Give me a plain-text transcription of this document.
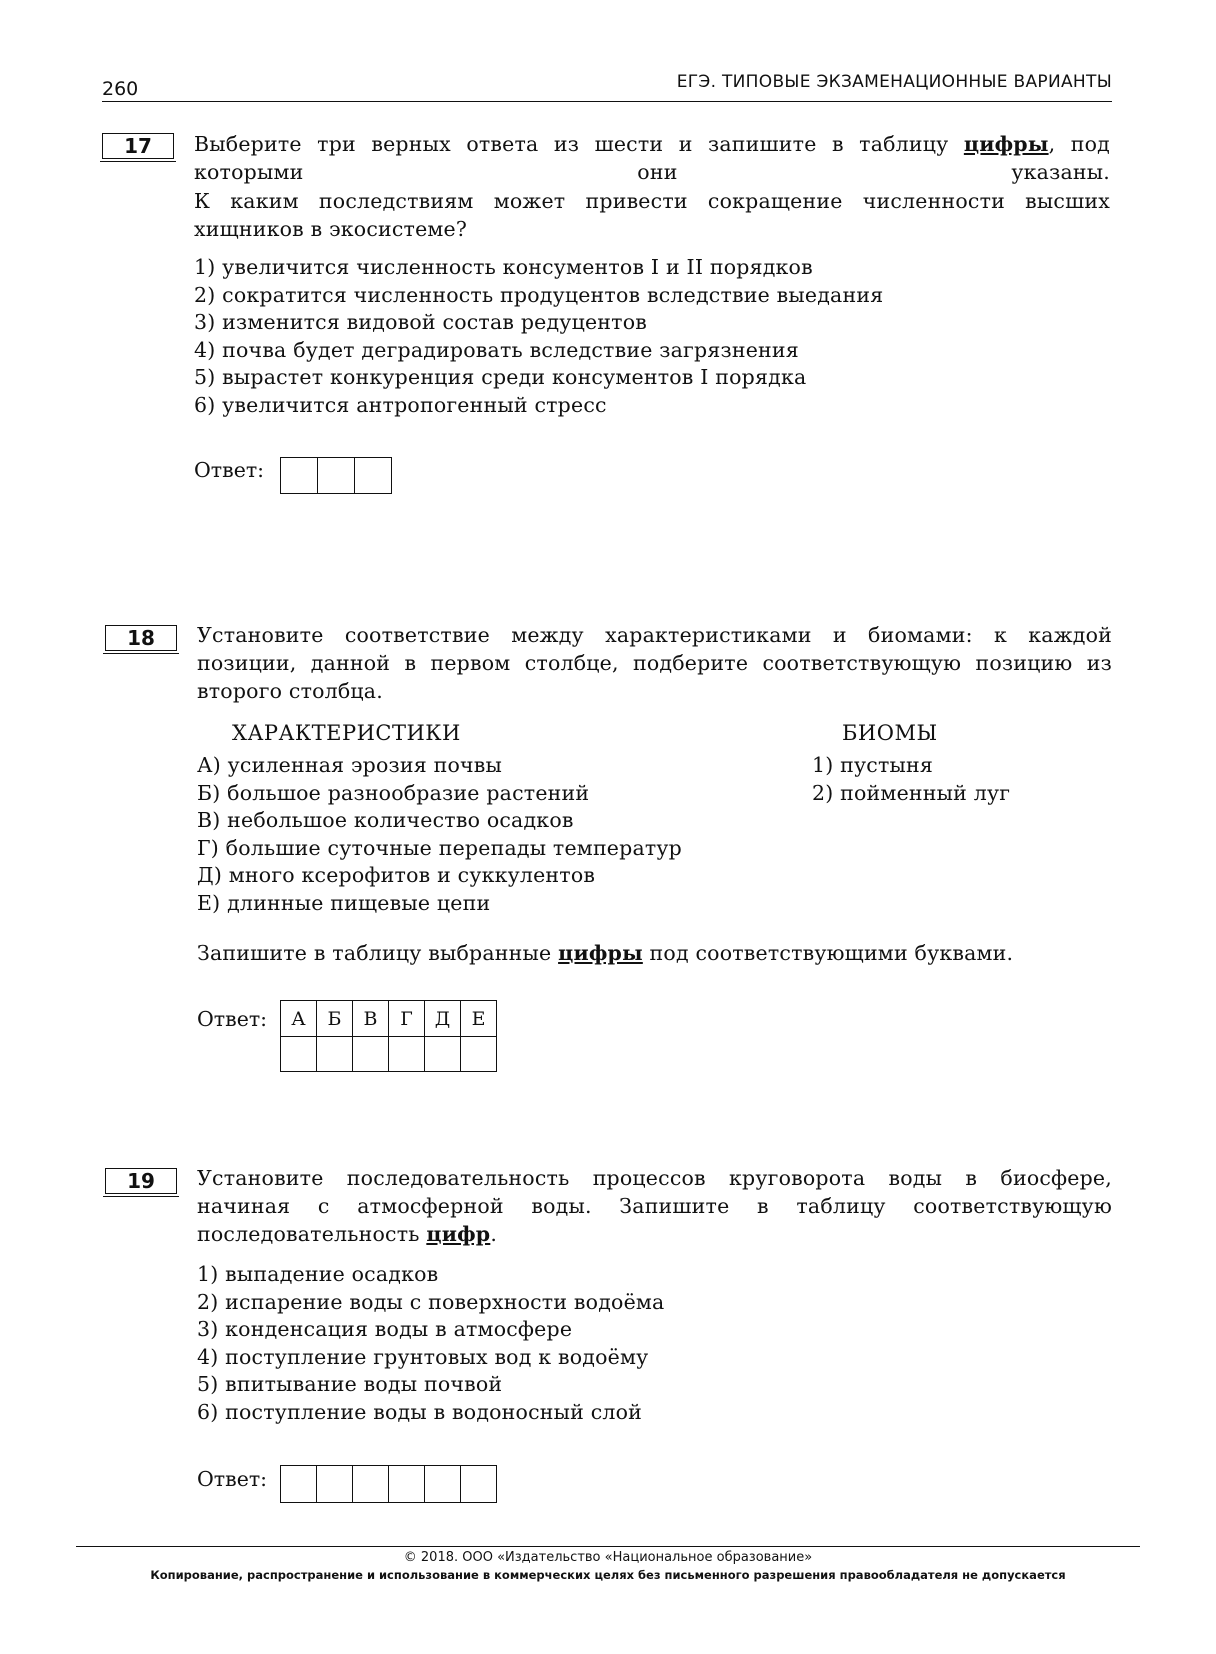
260	ЕГЭ. ТИПОВЫЕ ЭКЗАМЕНАЦИОННЫЕ ВАРИАНТЫ
17	Выберите три верных ответа из шести и запишите в таблицу цифры, под которыми они указаны.
К каким последствиям может привести сокращение численности высших хищников в экосистеме?
1) увеличится численность консументов I и II порядков
2) сократится численность продуцентов вследствие выедания
3) изменится видовой состав редуцентов
4) почва будет деградировать вследствие загрязнения
5) вырастет конкуренция среди консументов I порядка
6) увеличится антропогенный стресс
Ответ:

18	Установите соответствие между характеристиками и биомами: к каждой позиции, данной в первом столбце, подберите соответствующую позицию из второго столбца.
ХАРАКТЕРИСТИКИ	БИОМЫ
А) усиленная эрозия почвы
Б) большое разнообразие растений
В) небольшое количество осадков
Г) большие суточные перепады температур
Д) много ксерофитов и суккулентов
Е) длинные пищевые цепи
1) пустыня
2) пойменный луг
Запишите в таблицу выбранные цифры под соответствующими буквами.
Ответ: А	Б	В	Г	Д	Е

19	Установите последовательность процессов круговорота воды в биосфере, начиная с атмосферной воды. Запишите в таблицу соответствующую последовательность цифр.
1) выпадение осадков
2) испарение воды с поверхности водоёма
3) конденсация воды в атмосфере
4) поступление грунтовых вод к водоёму
5) впитывание воды почвой
6) поступление воды в водоносный слой
Ответ:

© 2018. ООО «Издательство «Национальное образование»
Копирование, распространение и использование в коммерческих целях без письменного разрешения правообладателя не допускается
